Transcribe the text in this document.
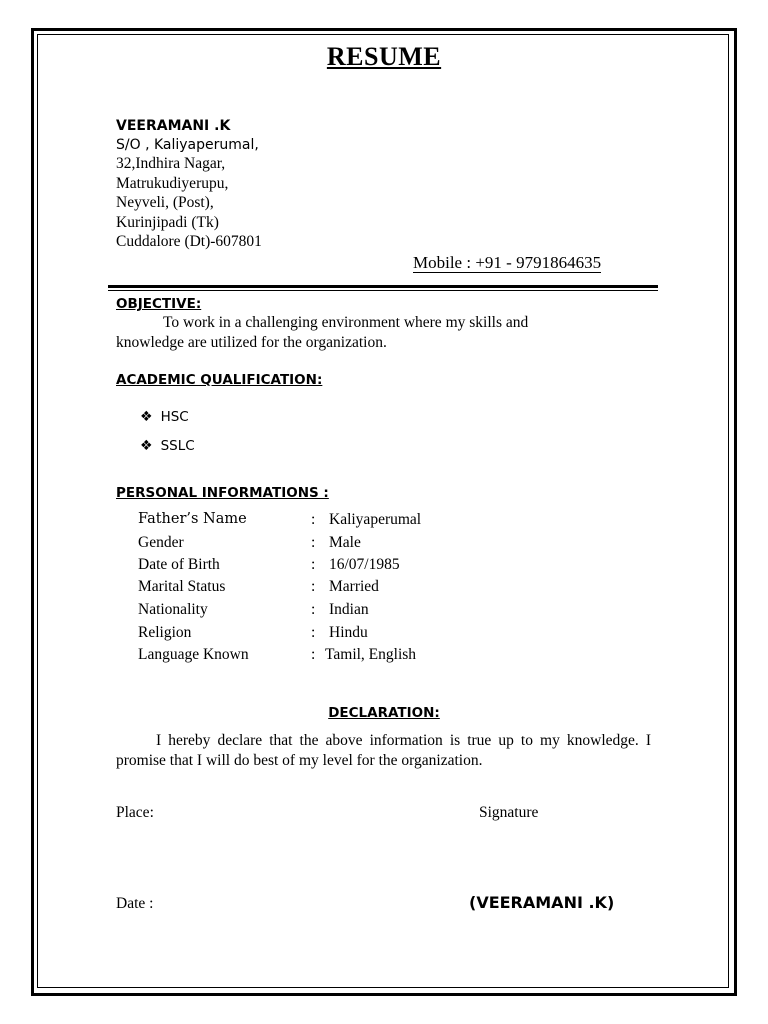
RESUME
VEERAMANI .K
S/O , Kaliyaperumal,
32,Indhira Nagar,
Matrukudiyerupu,
Neyveli, (Post),
Kurinjipadi (Tk)
Cuddalore (Dt)-607801
Mobile : +91 - 9791864635
OBJECTIVE:
To work in a challenging environment where my skills and
knowledge are utilized for the organization.
ACADEMIC QUALIFICATION:
❖ HSC
❖ SSLC
PERSONAL INFORMATIONS :
Father’s Name	: Kaliyaperumal
Gender	: Male
Date of Birth	: 16/07/1985
Marital Status	: Married
Nationality	: Indian
Religion	: Hindu
Language Known	: Tamil, English
DECLARATION:
I hereby declare that the above information is true up to my knowledge. I promise that I will do best of my level for the organization.
Place:	Signature
Date :	(VEERAMANI .K)
